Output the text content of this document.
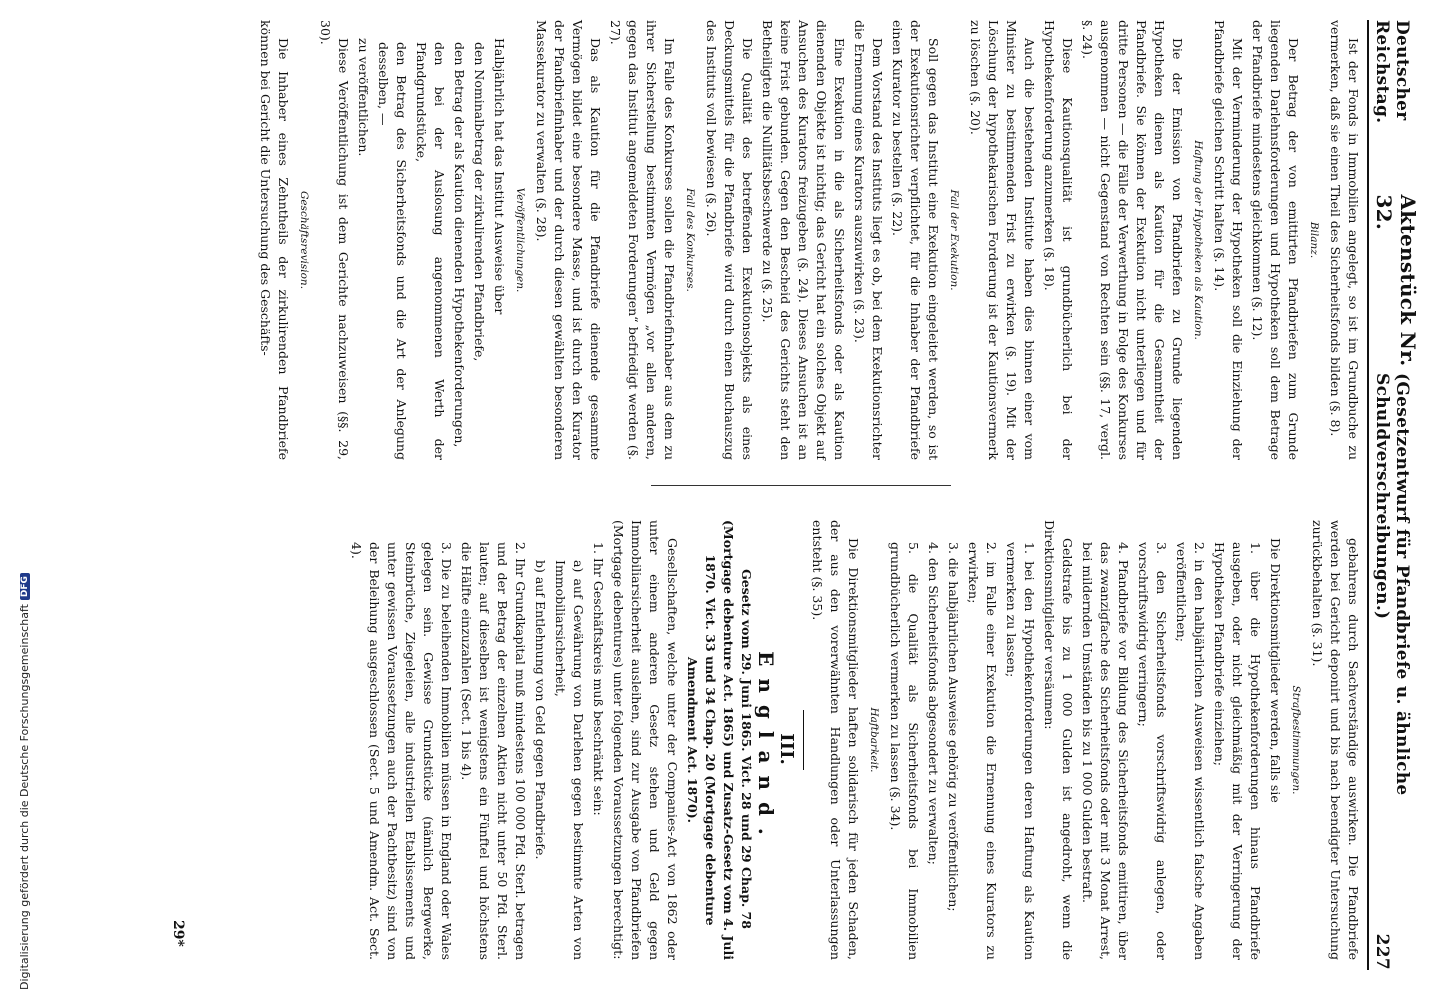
Digitalisierung gefördert durch die Deutsche Forschungsgemeinschaft
DFG
Deutscher Reichstag.
Aktenstück Nr. 32.
(Gesetzentwurf für Pfandbriefe u. ähnliche Schuldverschreibungen.)
227

Ist der Fonds in Immobilien angelegt, so ist im Grundbuche zu vermerken, daß sie einen Theil des Sicherheitsfonds bilden (§. 8).

Bilanz.

Der Betrag der von emittirten Pfandbriefen zum Grunde liegenden Darlehnsforderungen und Hypotheken soll dem Betrage der Pfandbriefe mindestens gleichkommen (§. 12).

Mit der Verminderung der Hypotheken soll die Einziehung der Pfandbriefe gleichen Schritt halten (§. 14).

Haftung der Hypotheken als Kaution.

Die der Emission von Pfandbriefen zu Grunde liegenden Hypotheken dienen als Kaution für die Gesammtheit der Pfandbriefe. Sie können der Exekution nicht unterliegen und für dritte Personen — die Fälle der Verwerthung in Folge des Konkurses ausgenommen — nicht Gegenstand von Rechten sein (§§. 17, vergl. §. 24).

Diese Kautionsqualität ist grundbücherlich bei der Hypothekenforderung anzumerken (§. 18).

Auch die bestehenden Institute haben dies binnen einer vom Minister zu bestimmenden Frist zu erwirken (§. 19). Mit der Löschung der hypothekarischen Forderung ist der Kautionsvermerk zu löschen (§. 20).

Fall der Exekution.

Soll gegen das Institut eine Exekution eingeleitet werden, so ist der Exekutionsrichter verpflichtet, für die Inhaber der Pfandbriefe einen Kurator zu bestellen (§. 22).

Dem Vorstand des Instituts liegt es ob, bei dem Exekutionsrichter die Ernennung eines Kurators auszuwirken (§. 23).

Eine Exekution in die als Sicherheitsfonds oder als Kaution dienenden Objekte ist nichtig; das Gericht hat ein solches Objekt auf Ansuchen des Kurators freizugeben (§. 24). Dieses Ansuchen ist an keine Frist gebunden. Gegen den Bescheid des Gerichts steht den Betheiligten die Nullitätsbeschwerde zu (§. 25).

Die Qualität des betreffenden Exekutionsobjekts als eines Deckungsmittels für die Pfandbriefe wird durch einen Buchauszug des Instituts voll bewiesen (§. 26).

Fall des Konkurses.

Im Falle des Konkurses sollen die Pfandbriefinhaber aus dem zu ihrer Sicherstellung bestimmten Vermögen „vor allen anderen, gegen das Institut angemeldeten Forderungen“ befriedigt werden (§. 27).

Das als Kaution für die Pfandbriefe dienende gesammte Vermögen bildet eine besondere Masse, und ist durch den Kurator der Pfandbriefinhaber und der durch diesen gewählten besonderen Massekurator zu verwalten (§. 28).

Veröffentlichungen.

Halbjährlich hat das Institut Ausweise über

den Nominalbetrag der zirkulirenden Pfandbriefe,

den Betrag der als Kaution dienenden Hypothekenforderungen,

den bei der Auslosung angenommenen Werth der Pfandgrundstücke,

den Betrag des Sicherheitsfonds und die Art der Anlegung desselben, —

zu veröffentlichen.

Diese Veröffentlichung ist dem Gerichte nachzuweisen (§§. 29, 30).

Geschäftsrevision.

Die Inhaber eines Zehntheils der zirkulirenden Pfandbriefe können bei Gericht die Untersuchung des Geschäfts-

gebahrens durch Sachverständige auswirken. Die Pfandbriefe werden bei Gericht deponirt und bis nach beendigter Untersuchung zurückbehalten (§. 31).

Strafbestimmungen.

Die Direktionsmitglieder werden, falls sie

1. über die Hypothekenforderungen hinaus Pfandbriefe ausgeben, oder nicht gleichmäßig mit der Verringerung der Hypotheken Pfandbriefe einziehen;

2. in den halbjährlichen Ausweisen wissentlich falsche Angaben veröffentlichen;

3. den Sicherheitsfonds vorschriftswidrig anlegen, oder vorschriftswidrig verringern;

4. Pfandbriefe vor Bildung des Sicherheitsfonds emittiren, über das zwanzigfache des Sicherheitsfonds oder mit 3 Monat Arrest, bei mildernden Umständen bis zu 1 000 Gulden bestraft.

Geldstrafe bis zu 1 000 Gulden ist angedroht, wenn die Direktionsmitglieder versäumen:

1. bei den Hypothekenforderungen deren Haftung als Kaution vermerken zu lassen;

2. im Falle einer Exekution die Ernennung eines Kurators zu erwirken;

3. die halbjährlichen Ausweise gehörig zu veröffentlichen;

4. den Sicherheitsfonds abgesondert zu verwalten;

5. die Qualität als Sicherheitsfonds bei Immobilien grundbücherlich vermerken zu lassen (§. 34).

Haftbarkeit.

Die Direktionsmitglieder haften solidarisch für jeden Schaden, der aus den vorerwähnten Handlungen oder Unterlassungen entsteht (§. 35).

III.

England.

Gesetz vom 29. Juni 1865. Vict. 28 und 29 Chap. 78 (Mortgage debenture Act. 1865) und Zusatz-Gesetz vom 4. Juli 1870. Vict. 33 und 34 Chap. 20 (Mortgage debenture Amendment Act. 1870).

Gesellschaften, welche unter der Companies-Act von 1862 oder unter einem anderen Gesetz stehen und Geld gegen Immobiliarsicherheit ausleihen, sind zur Ausgabe von Pfandbriefen (Mortgage debentures) unter folgenden Voraussetzungen berechtigt:

1. Ihr Geschäftskreis muß beschränkt sein:

a) auf Gewährung von Darlehen gegen bestimmte Arten von Immobiliarsicherheit,

b) auf Entlehnung von Geld gegen Pfandbriefe.

2. Ihr Grundkapital muß mindestens 100 000 Pfd. Sterl. betragen und der Betrag der einzelnen Aktien nicht unter 50 Pfd. Sterl. lauten; auf dieselben ist wenigstens ein Fünftel und höchstens die Hälfte einzuzahlen (Sect. 1 bis 4).

3. Die zu beleihenden Immobilien müssen in England oder Wales gelegen sein. Gewisse Grundstücke (nämlich Bergwerke, Steinbrüche, Ziegeleien, alle industriellen Etablissements und unter gewissen Voraussetzungen auch der Pachtbesitz) sind von der Beleihung ausgeschlossen (Sect. 5 und Amendm. Act. Sect. 4).

29*
